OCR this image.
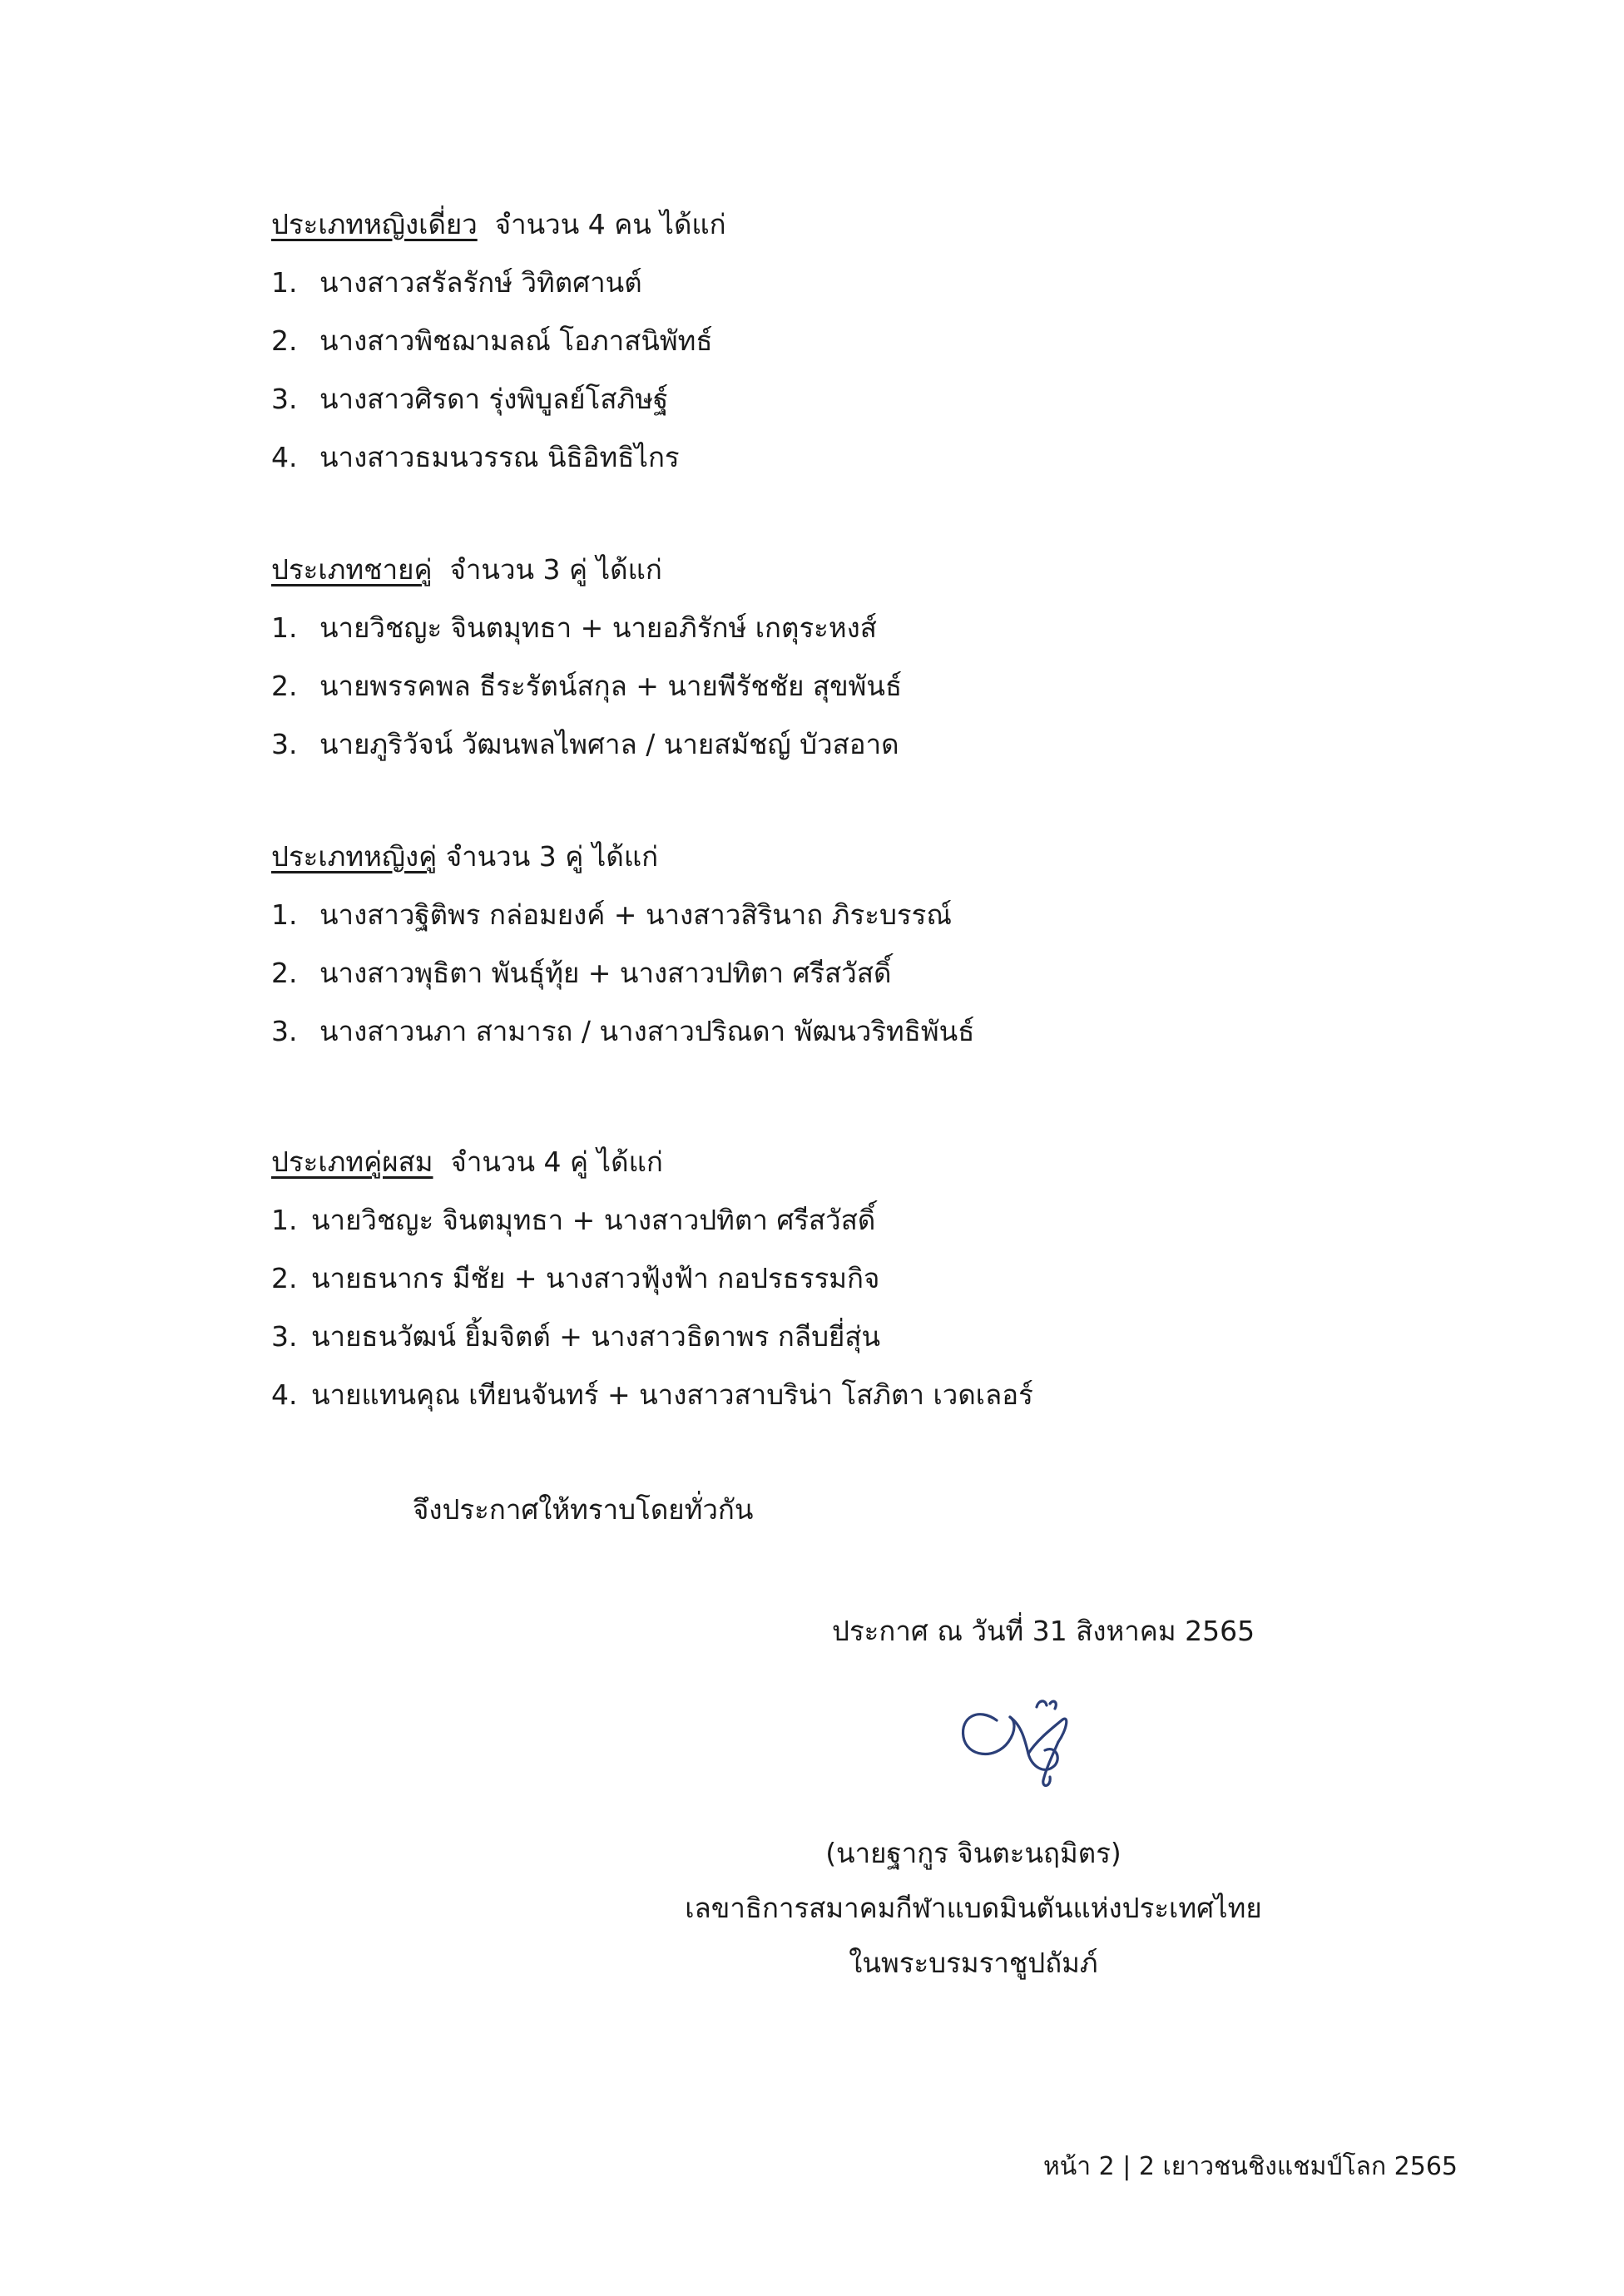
ประเภทหญิงเดี่ยว จำนวน 4 คน ได้แก่
1. นางสาวสรัลรักษ์ วิทิตศานต์
2. นางสาวพิชฌามลณ์ โอภาสนิพัทธ์
3. นางสาวศิรดา รุ่งพิบูลย์โสภิษฐ์
4. นางสาวธมนวรรณ นิธิอิทธิไกร
ประเภทชายคู่ จำนวน 3 คู่ ได้แก่
1. นายวิชญะ จินตมุทธา + นายอภิรักษ์ เกตุระหงส์
2. นายพรรคพล ธีระรัตน์สกุล + นายพีรัชชัย สุขพันธ์
3. นายภูริวัจน์ วัฒนพลไพศาล / นายสมัชญ์ บัวสอาด
ประเภทหญิงคู่ จำนวน 3 คู่ ได้แก่
1. นางสาวฐิติพร กล่อมยงค์ + นางสาวสิรินาถ ภิระบรรณ์
2. นางสาวพุธิตา พันธุ์ทุ้ย + นางสาวปทิตา ศรีสวัสดิ์
3. นางสาวนภา สามารถ / นางสาวปริณดา พัฒนวริทธิพันธ์
ประเภทคู่ผสม จำนวน 4 คู่ ได้แก่
1. นายวิชญะ จินตมุทธา + นางสาวปทิตา ศรีสวัสดิ์
2. นายธนากร มีชัย + นางสาวฟุ้งฟ้า กอปรธรรมกิจ
3. นายธนวัฒน์ ยิ้มจิตต์ + นางสาวธิดาพร กลีบยี่สุ่น
4. นายแทนคุณ เทียนจันทร์ + นางสาวสาบริน่า โสภิตา เวดเลอร์
จึงประกาศให้ทราบโดยทั่วกัน
ประกาศ ณ วันที่ 31 สิงหาคม 2565
(นายฐากูร จินตะนฤมิตร)
เลขาธิการสมาคมกีฬาแบดมินตันแห่งประเทศไทย
ในพระบรมราชูปถัมภ์
หน้า 2 | 2 เยาวชนชิงแชมป์โลก 2565
